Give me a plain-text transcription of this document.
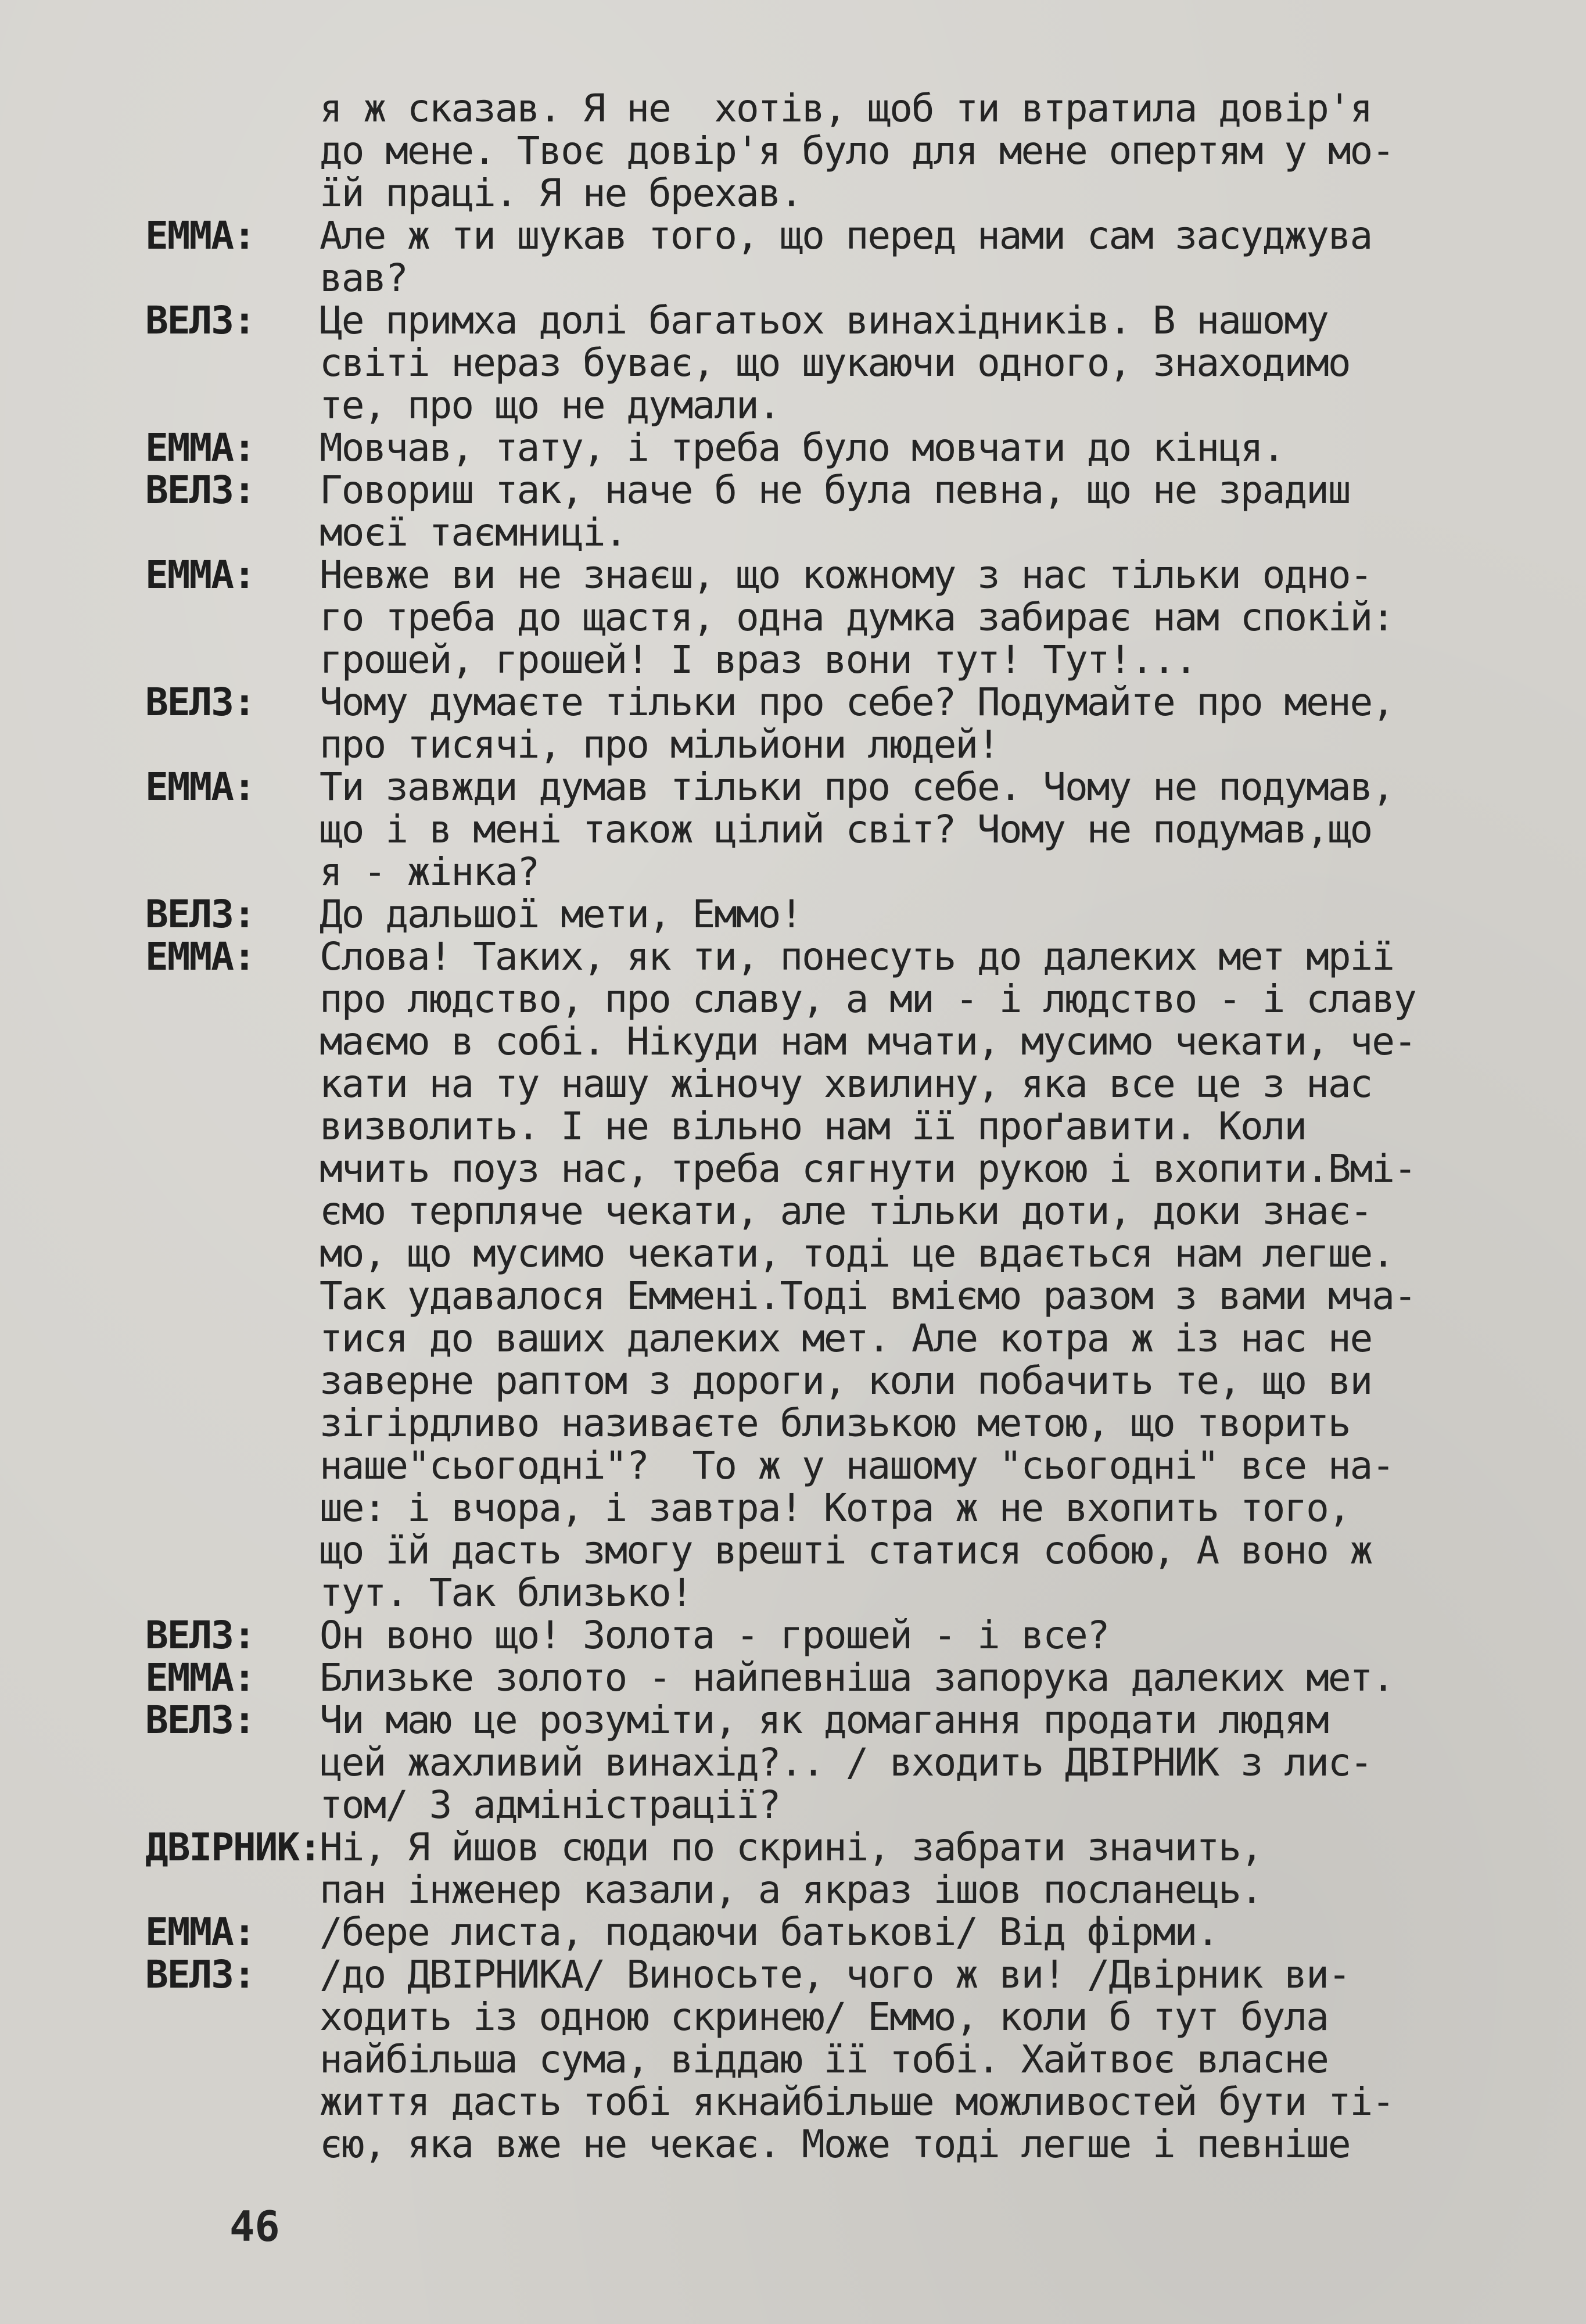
я ж сказав. Я не  хотів, щоб ти втратила довір'я
до мене. Твоє довір'я було для мене опертям у мо-
їй праці. Я не брехав.
ЕММА:	Але ж ти шукав того, що перед нами сам засуджува
вав?
ВЕЛЗ:	Це примха долі багатьох винахідників. В нашому
світі нераз буває, що шукаючи одного, знаходимо
те, про що не думали.
ЕММА:	Мовчав, тату, і треба було мовчати до кінця.
ВЕЛЗ:	Говориш так, наче б не була певна, що не зрадиш
моєї таємниці.
ЕММА:	Невже ви не знаєш, що кожному з нас тільки одно-
го треба до щастя, одна думка забирає нам спокій:
грошей, грошей! І враз вони тут! Тут!...
ВЕЛЗ:	Чому думаєте тільки про себе? Подумайте про мене,
про тисячі, про мільйони людей!
ЕММА:	Ти завжди думав тільки про себе. Чому не подумав,
що і в мені також цілий світ? Чому не подумав,що
я - жінка?
ВЕЛЗ:	До дальшої мети, Еммо!
ЕММА:	Слова! Таких, як ти, понесуть до далеких мет мрії
про людство, про славу, а ми - і людство - і славу
маємо в собі. Нікуди нам мчати, мусимо чекати, че-
кати на ту нашу жіночу хвилину, яка все це з нас
визволить. І не вільно нам її проґавити. Коли
мчить поуз нас, треба сягнути рукою і вхопити.Вмі-
ємо терпляче чекати, але тільки доти, доки знає-
мо, що мусимо чекати, тоді це вдається нам легше.
Так удавалося Еммені.Тоді вміємо разом з вами мча-
тися до ваших далеких мет. Але котра ж із нас не
заверне раптом з дороги, коли побачить те, що ви
зігірдливо називаєте близькою метою, що творить
наше"сьогодні"?  То ж у нашому "сьогодні" все на-
ше: і вчора, і завтра! Котра ж не вхопить того,
що їй дасть змогу врешті статися собою, А воно ж
тут. Так близько!
ВЕЛЗ:	Он воно що! Золота - грошей - і все?
ЕММА:	Близьке золото - найпевніша запорука далеких мет.
ВЕЛЗ:	Чи маю це розуміти, як домагання продати людям
цей жахливий винахід?.. / входить ДВІРНИК з лис-
том/ З адміністрації?
ДВІРНИК:
Ні, Я йшов сюди по скрині, забрати значить,
пан інженер казали, а якраз ішов посланець.
ЕММА:	/бере листа, подаючи батькові/ Від фірми.
ВЕЛЗ:	/до ДВІРНИКА/ Виносьте, чого ж ви! /Двірник ви-
ходить із одною скринею/ Еммо, коли б тут була
найбільша сума, віддаю її тобі. Хайтвоє власне
життя дасть тобі якнайбільше можливостей бути ті-
єю, яка вже не чекає. Може тоді легше і певніше
46
